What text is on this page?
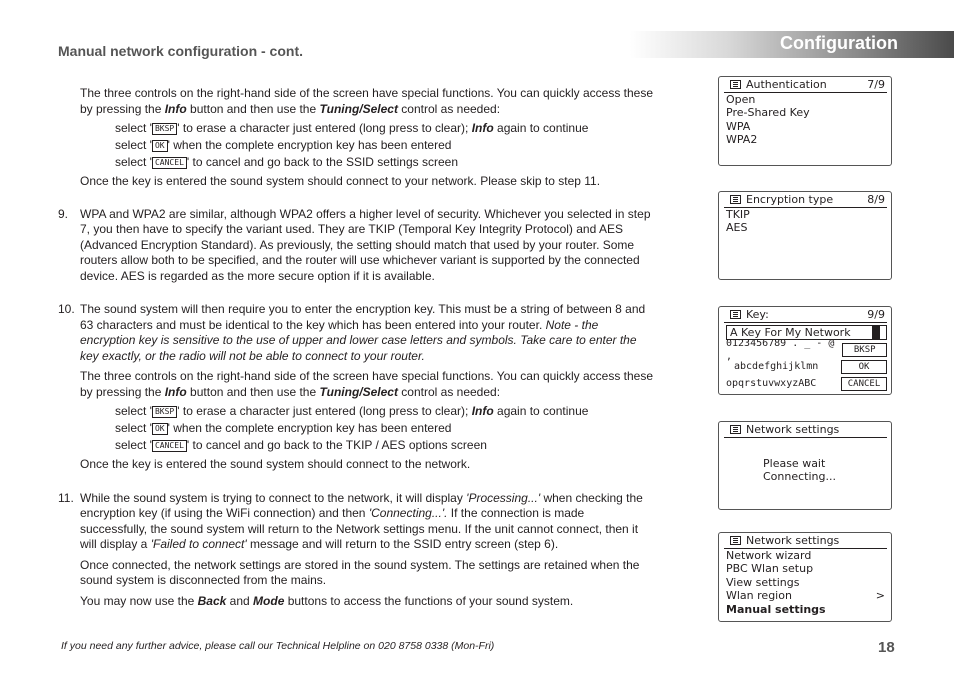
Configuration
Manual network configuration - cont.

The three controls on the right-hand side of the screen have special functions. You can quickly access these by pressing the Info button and then use the Tuning/Select control as needed:

select ' BKSP ' to erase a character just entered (long press to clear); Info again to continue

select ' OK ' when the complete encryption key has been entered

select ' CANCEL ' to cancel and go back to the SSID settings screen

Once the key is entered the sound system should connect to your network. Please skip to step 11.

9. WPA and WPA2 are similar, although WPA2 offers a higher level of security. Whichever you selected in step 7, you then have to specify the variant used. They are TKIP (Temporal Key Integrity Protocol) and AES (Advanced Encryption Standard). As previously, the setting should match that used by your router. Some routers allow both to be specified, and the router will use whichever variant is supported by the connected device. AES is regarded as the more secure option if it is available.
10. The sound system will then require you to enter the encryption key. This must be a string of between 8 and 63 characters and must be identical to the key which has been entered into your router. Note - the encryption key is sensitive to the use of upper and lower case letters and symbols. Take care to enter the key exactly, or the radio will not be able to connect to your router.

The three controls on the right-hand side of the screen have special functions. You can quickly access these by pressing the Info button and then use the Tuning/Select control as needed:

select ' BKSP ' to erase a character just entered (long press to clear); Info again to continue

select ' OK ' when the complete encryption key has been entered

select ' CANCEL ' to cancel and go back to the TKIP / AES options screen

Once the key is entered the sound system should connect to the network.

11. While the sound system is trying to connect to the network, it will display 'Processing...' when checking the encryption key (if using the WiFi connection) and then 'Connecting...'. If the connection is made successfully, the sound system will return to the Network settings menu. If the unit cannot connect, then it will display a 'Failed to connect' message and will return to the SSID entry screen (step 6).

Once connected, the network settings are stored in the sound system. The settings are retained when the sound system is disconnected from the mains.

You may now use the Back and Mode buttons to access the functions of your sound system.

If you need any further advice, please call our Technical Helpline on 020 8758 0338 (Mon-Fri)	18
Authentication	7/9
Open
Pre-Shared Key
WPA
WPA2
Encryption type	8/9
TKIP
AES
Key:	9/9
A Key For My Network
0123456789 . _ - @ ,
BKSP
abcdefghijklmn	OK
opqrstuvwxyzABC	CANCEL
Network settings
Please wait
Connecting...
Network settings
Network wizard
PBC Wlan setup
View settings
Wlan region	>
Manual settings
